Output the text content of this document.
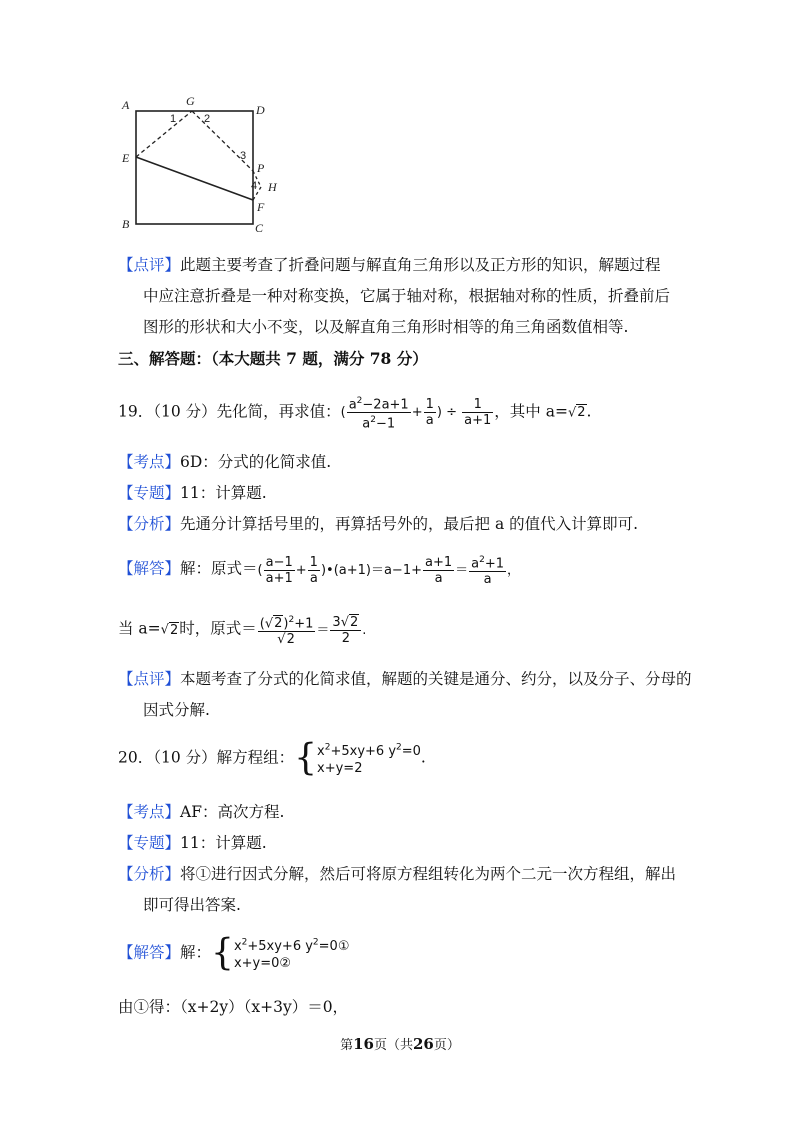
A	G
D
E
P
H
F
B	C
1	2
3
4
【点评】此题主要考查了折叠问题与解直角三角形以及正方形的知识，解题过程
中应注意折叠是一种对称变换，它属于轴对称，根据轴对称的性质，折叠前后
图形的形状和大小不变，以及解直角三角形时相等的角三角函数值相等.
三、解答题：（本大题共 7 题，满分 78 分）
19．（10 分）先化简，再求值：( $\frac{a^2-2a+1}{a^2-1} + \frac{1}{a}$ ) ÷ $\frac{1}{a+1}$ ，其中 a=√2.
【考点】6D：分式的化简求值.
【专题】11：计算题.
【分析】先通分计算括号里的，再算括号外的，最后把 a 的值代入计算即可.
【解答】解：原式＝( $\frac{a-1}{a+1} + \frac{1}{a}$ )•(a+1)＝a−1+ $\frac{a+1}{a} = \frac{a^2+1}{a}$ ，
当 a=√2时，原式＝ $\frac{(√2)^2+1}{√2} = \frac{3√2}{2}$ .
【点评】本题考查了分式的化简求值，解题的关键是通分、约分，以及分子、分母的
因式分解.
20．（10 分）解方程组：{$x^2+5xy+6$ $y^2=0$
x+y=2.
【考点】AF：高次方程.
【专题】11：计算题.
【分析】将①进行因式分解，然后可将原方程组转化为两个二元一次方程组，解出
即可得出答案.
【解答】解：{$x^2+5xy+6$ $y^2=0①$
x+y=0②
由①得：（x+2y）（x+3y）＝0，
第16页（共26页）
